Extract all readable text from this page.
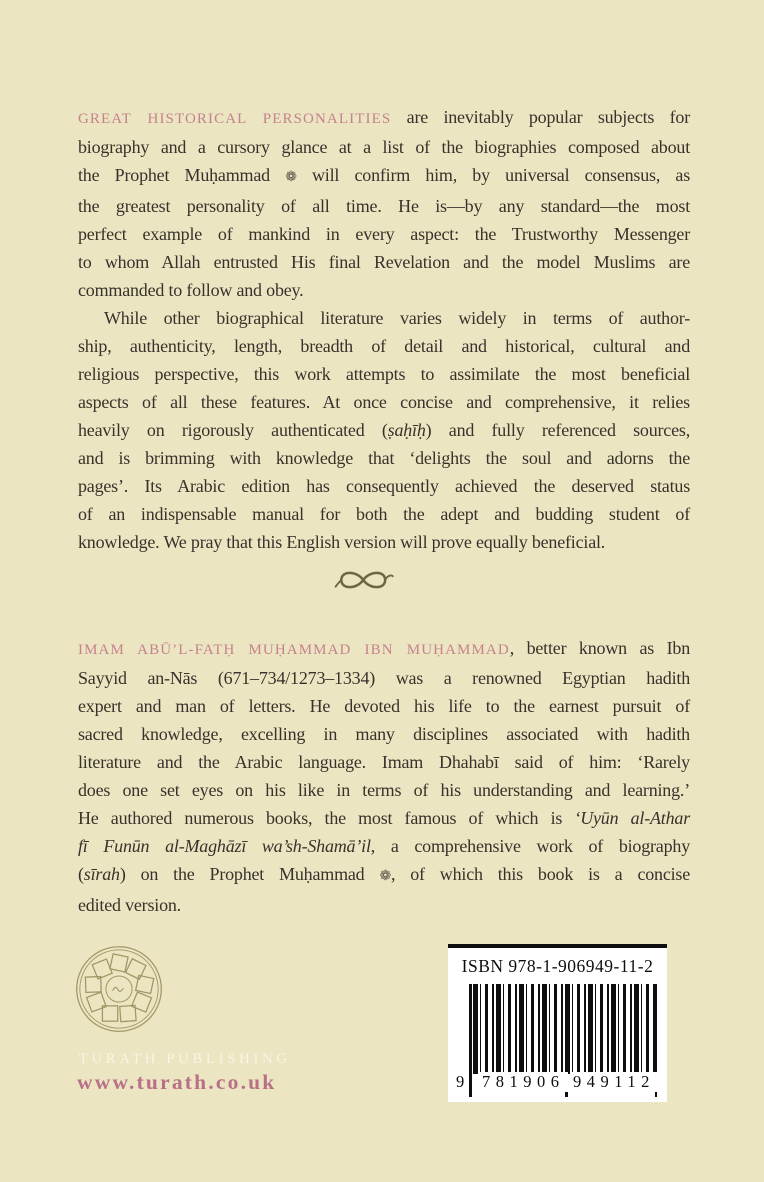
GREAT HISTORICAL PERSONALITIES are inevitably popular subjects for
biography and a cursory glance at a list of the biographies composed about
the Prophet Muḥammad ❁ will confirm him, by universal consensus, as
the greatest personality of all time. He is—by any standard—the most
perfect example of mankind in every aspect: the Trustworthy Messenger
to whom Allah entrusted His final Revelation and the model Muslims are
commanded to follow and obey.
While other biographical literature varies widely in terms of author-
ship, authenticity, length, breadth of detail and historical, cultural and
religious perspective, this work attempts to assimilate the most beneficial
aspects of all these features. At once concise and comprehensive, it relies
heavily on rigorously authenticated (ṣaḥīḥ) and fully referenced sources,
and is brimming with knowledge that ‘delights the soul and adorns the
pages’. Its Arabic edition has consequently achieved the deserved status
of an indispensable manual for both the adept and budding student of
knowledge. We pray that this English version will prove equally beneficial.
IMAM ABŪ’L-FATḤ MUḤAMMAD IBN MUḤAMMAD, better known as Ibn
Sayyid an-Nās (671–734/1273–1334) was a renowned Egyptian hadith
expert and man of letters. He devoted his life to the earnest pursuit of
sacred knowledge, excelling in many disciplines associated with hadith
literature and the Arabic language. Imam Dhahabī said of him: ‘Rarely
does one set eyes on his like in terms of his understanding and learning.’
He authored numerous books, the most famous of which is ‘Uyūn al-Athar
fī Funūn al-Maghāzī wa’sh-Shamā’il, a comprehensive work of biography
(sīrah) on the Prophet Muḥammad ❁, of which this book is a concise
edited version.
TURATH PUBLISHING
www.turath.co.uk
ISBN 978-1-906949-11-2
9 781906 949112
